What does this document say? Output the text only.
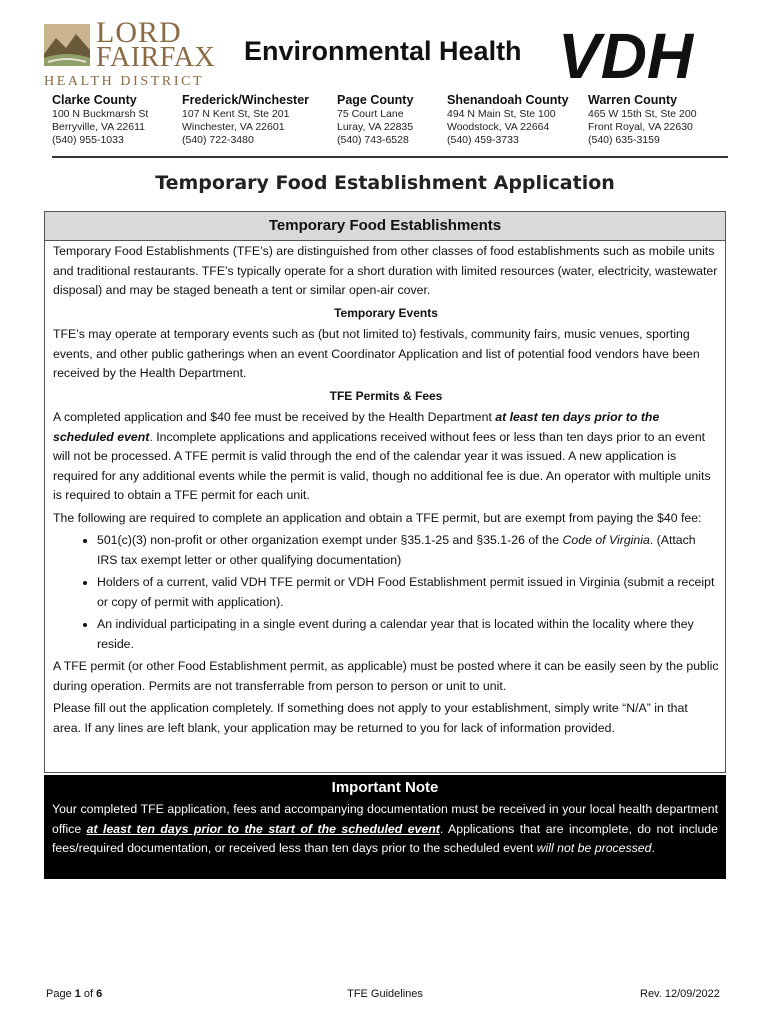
LORD
FAIRFAX
HEALTH DISTRICT
Environmental Health VDH
Clarke County
100 N Buckmarsh St
Berryville, VA 22611
(540) 955-1033
Frederick/Winchester
107 N Kent St, Ste 201
Winchester, VA 22601
(540) 722-3480
Page County
75 Court Lane
Luray, VA 22835
(540) 743-6528
Shenandoah County
494 N Main St, Ste 100
Woodstock, VA 22664
(540) 459-3733
Warren County
465 W 15th St, Ste 200
Front Royal, VA 22630
(540) 635-3159
Temporary Food Establishment Application
Temporary Food Establishments

Temporary Food Establishments (TFE’s) are distinguished from other classes of food establishments such as mobile units and traditional restaurants. TFE’s typically operate for a short duration with limited resources (water, electricity, wastewater disposal) and may be staged beneath a tent or similar open-air cover.

Temporary Events

TFE’s may operate at temporary events such as (but not limited to) festivals, community fairs, music venues, sporting events, and other public gatherings when an event Coordinator Application and list of potential food vendors have been received by the Health Department.

TFE Permits & Fees

A completed application and $40 fee must be received by the Health Department at least ten days prior to the scheduled event. Incomplete applications and applications received without fees or less than ten days prior to an event will not be processed. A TFE permit is valid through the end of the calendar year it was issued. A new application is required for any additional events while the permit is valid, though no additional fee is due. An operator with multiple units is required to obtain a TFE permit for each unit.

The following are required to complete an application and obtain a TFE permit, but are exempt from paying the $40 fee:

• 501(c)(3) non-profit or other organization exempt under §35.1-25 and §35.1-26 of the Code of Virginia. (Attach IRS tax exempt letter or other qualifying documentation)
• Holders of a current, valid VDH TFE permit or VDH Food Establishment permit issued in Virginia (submit a receipt or copy of permit with application).
• An individual participating in a single event during a calendar year that is located within the locality where they reside.

A TFE permit (or other Food Establishment permit, as applicable) must be posted where it can be easily seen by the public during operation. Permits are not transferrable from person to person or unit to unit.

Please fill out the application completely. If something does not apply to your establishment, simply write “N/A” in that area. If any lines are left blank, your application may be returned to you for lack of information provided.

Important Note
Your completed TFE application, fees and accompanying documentation must be received in your local health department office at least ten days prior to the start of the scheduled event. Applications that are incomplete, do not include fees/required documentation, or received less than ten days prior to the scheduled event will not be processed.
Page 1 of 6	TFE Guidelines	Rev. 12/09/2022
